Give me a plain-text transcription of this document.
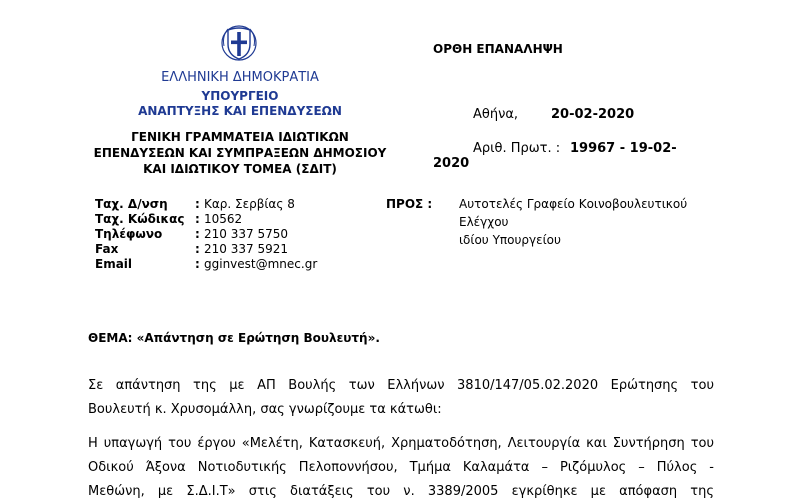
ΕΛΛΗΝΙΚΗ ΔΗΜΟΚΡΑΤΙΑ
ΥΠΟΥΡΓΕΙΟ
ΑΝΑΠΤΥΞΗΣ ΚΑΙ ΕΠΕΝΔΥΣΕΩΝ
ΓΕΝΙΚΗ ΓΡΑΜΜΑΤΕΙΑ ΙΔΙΩΤΙΚΩΝ
ΕΠΕΝΔΥΣΕΩΝ ΚΑΙ ΣΥΜΠΡΑΞΕΩΝ ΔΗΜΟΣΙΟΥ
ΚΑΙ ΙΔΙΩΤΙΚΟΥ ΤΟΜΕΑ (ΣΔΙΤ)
ΟΡΘΗ ΕΠΑΝΑΛΗΨΗ
Αθήνα,	20-02-2020
Αριθ. Πρωτ. : 19967 - 19-02-
2020
Ταχ. Δ/νση
Ταχ. Κώδικας
Τηλέφωνο
Fax
Email
:
:
:
:
:
Καρ. Σερβίας 8
10562
210 337 5750
210 337 5921
gginvest@mnec.gr
ΠΡΟΣ : Αυτοτελές Γραφείο Κοινοβουλευτικού
Ελέγχου
ιδίου Υπουργείου
ΘΕΜΑ: «Απάντηση σε Ερώτηση Βουλευτή».
Σε απάντηση της με ΑΠ Βουλής των Ελλήνων 3810/147/05.02.2020 Ερώτησης του
Βουλευτή κ. Χρυσομάλλη, σας γνωρίζουμε τα κάτωθι:
Η υπαγωγή του έργου «Μελέτη, Κατασκευή, Χρηματοδότηση, Λειτουργία και Συντήρηση του
Οδικού Άξονα Νοτιοδυτικής Πελοποννήσου, Τμήμα Καλαμάτα – Ριζόμυλος – Πύλος -
Μεθώνη, με Σ.Δ.Ι.Τ» στις διατάξεις του ν. 3389/2005 εγκρίθηκε με απόφαση της
